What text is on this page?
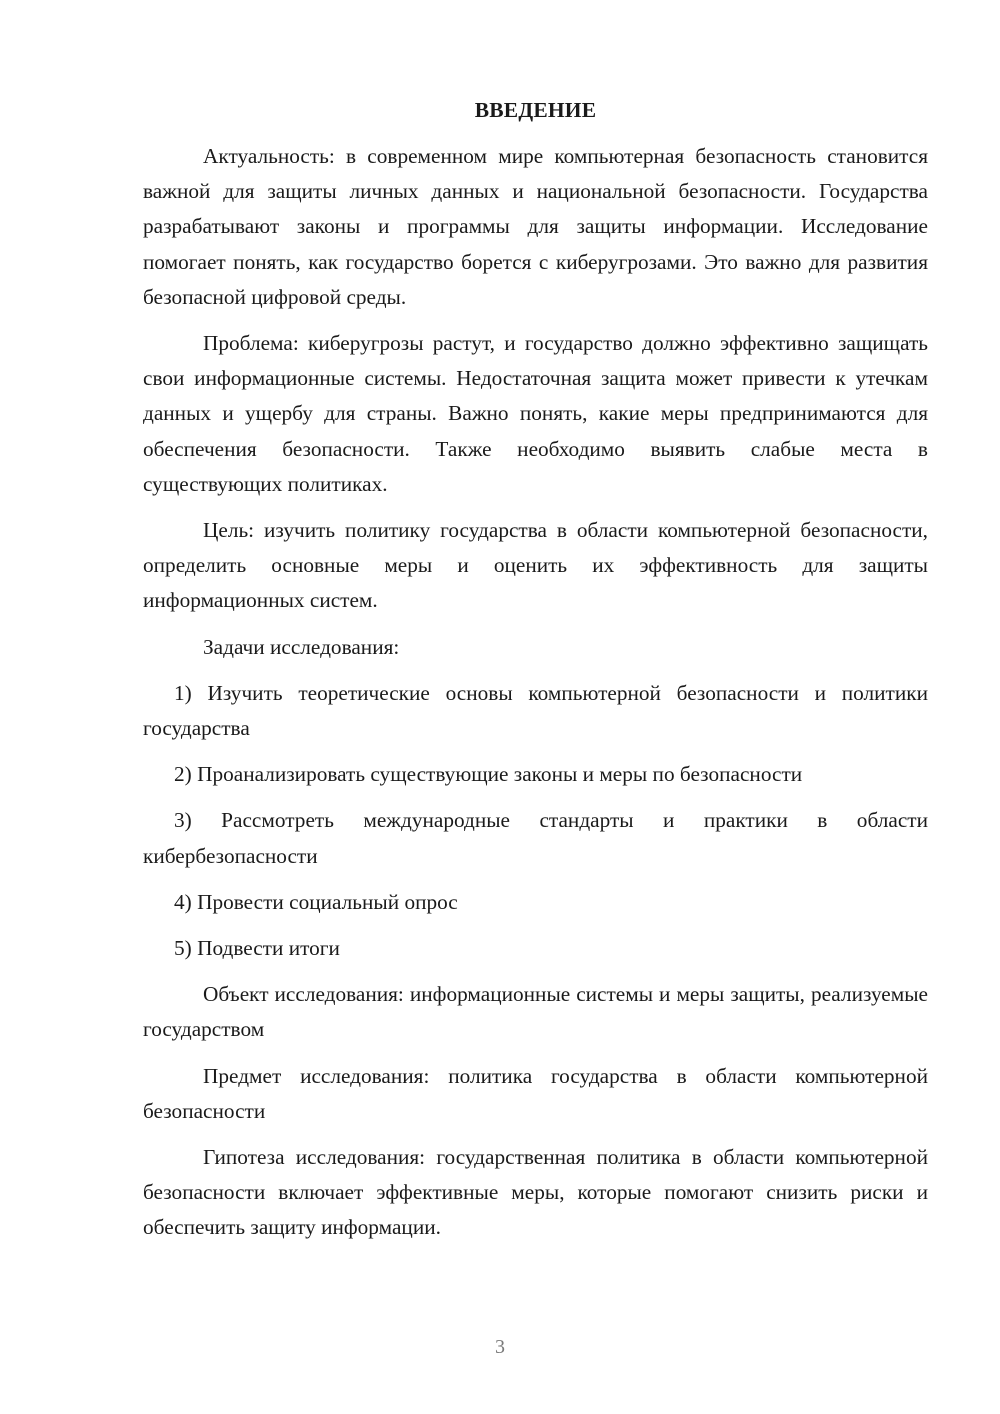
ВВЕДЕНИЕ

Актуальность: в современном мире компьютерная безопасность становится важной для защиты личных данных и национальной безопасности. Государства разрабатывают законы и программы для защиты информации. Исследование помогает понять, как государство борется с киберугрозами. Это важно для развития безопасной цифровой среды.

Проблема: киберугрозы растут, и государство должно эффективно защищать свои информационные системы. Недостаточная защита может привести к утечкам данных и ущербу для страны. Важно понять, какие меры предпринимаются для обеспечения безопасности. Также необходимо выявить слабые места в существующих политиках.

Цель: изучить политику государства в области компьютерной безопасности, определить основные меры и оценить их эффективность для защиты информационных систем.

Задачи исследования:

1) Изучить теоретические основы компьютерной безопасности и политики государства

2) Проанализировать существующие законы и меры по безопасности

3) Рассмотреть международные стандарты и практики в области кибербезопасности

4) Провести социальный опрос

5) Подвести итоги

Объект исследования: информационные системы и меры защиты, реализуемые государством

Предмет исследования: политика государства в области компьютерной безопасности

Гипотеза исследования: государственная политика в области компьютерной безопасности включает эффективные меры, которые помогают снизить риски и обеспечить защиту информации.

3
